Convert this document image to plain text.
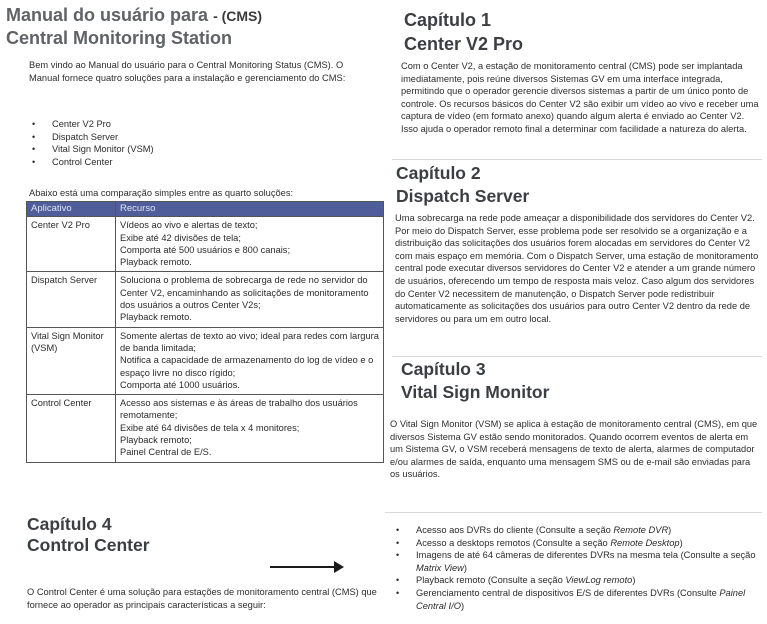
Manual do usuário para - (CMS)
Central Monitoring Station
Bem vindo ao Manual do usuário para o Central Monitoring Status (CMS). O Manual fornece quatro soluções para a instalação e gerenciamento do CMS:
• Center V2 Pro
• Dispatch Server
• Vital Sign Monitor (VSM)
• Control Center
Abaixo está uma comparação simples entre as quarto soluções:
Aplicativo	Recurso
Center V2 Pro	Vídeos ao vivo e alertas de texto;
Exibe até 42 divisões de tela;
Comporta até 500 usuários e 800 canais;
Playback remoto.

Dispatch Server	Soluciona o problema de sobrecarga de rede no servidor do Center V2, encaminhando as solicitações de monitoramento dos usuários a outros Center V2s;
Playback remoto.

Vital Sign Monitor (VSM)	Somente alertas de texto ao vivo; ideal para redes com largura de banda limitada;
Notifica a capacidade de armazenamento do log de vídeo e o espaço livre no disco rígido;
Comporta até 1000 usuários.

Control Center	Acesso aos sistemas e às áreas de trabalho dos usuários remotamente;
Exibe até 64 divisões de tela x 4 monitores;
Playback remoto;
Painel Central de E/S.
Capítulo 4
Control Center
O Control Center é uma solução para estações de monitoramento central (CMS) que fornece ao operador as principais características a seguir:
Capítulo 1
Center V2 Pro
Com o Center V2, a estação de monitoramento central (CMS) pode ser implantada imediatamente, pois reúne diversos Sistemas GV em uma interface integrada, permitindo que o operador gerencie diversos sistemas a partir de um único ponto de controle. Os recursos básicos do Center V2 são exibir um vídeo ao vivo e receber uma captura de vídeo (em formato anexo) quando algum alerta é enviado ao Center V2. Isso ajuda o operador remoto final a determinar com facilidade a natureza do alerta.
Capítulo 2
Dispatch Server
Uma sobrecarga na rede pode ameaçar a disponibilidade dos servidores do Center V2. Por meio do Dispatch Server, esse problema pode ser resolvido se a organização e a distribuição das solicitações dos usuários forem alocadas em servidores do Center V2 com mais espaço em memória. Com o Dispatch Server, uma estação de monitoramento central pode executar diversos servidores do Center V2 e atender a um grande número de usuários, oferecendo um tempo de resposta mais veloz. Caso algum dos servidores do Center V2 necessitem de manutenção, o Dispatch Server pode redistribuir automaticamente as solicitações dos usuários para outro Center V2 dentro da rede de servidores ou para um em outro local.
Capítulo 3
Vital Sign Monitor
O Vital Sign Monitor (VSM) se aplica à estação de monitoramento central (CMS), em que diversos Sistema GV estão sendo monitorados. Quando ocorrem eventos de alerta em um Sistema GV, o VSM receberá mensagens de texto de alerta, alarmes de computador e/ou alarmes de saída, enquanto uma mensagem SMS ou de e-mail são enviadas para os usuários.
• Acesso aos DVRs do cliente (Consulte a seção Remote DVR)
• Acesso a desktops remotos (Consulte a seção Remote Desktop)
• Imagens de até 64 câmeras de diferentes DVRs na mesma tela (Consulte a seção Matrix View)
• Playback remoto (Consulte a seção ViewLog remoto)
• Gerenciamento central de dispositivos E/S de diferentes DVRs (Consulte Painel Central I/O)
